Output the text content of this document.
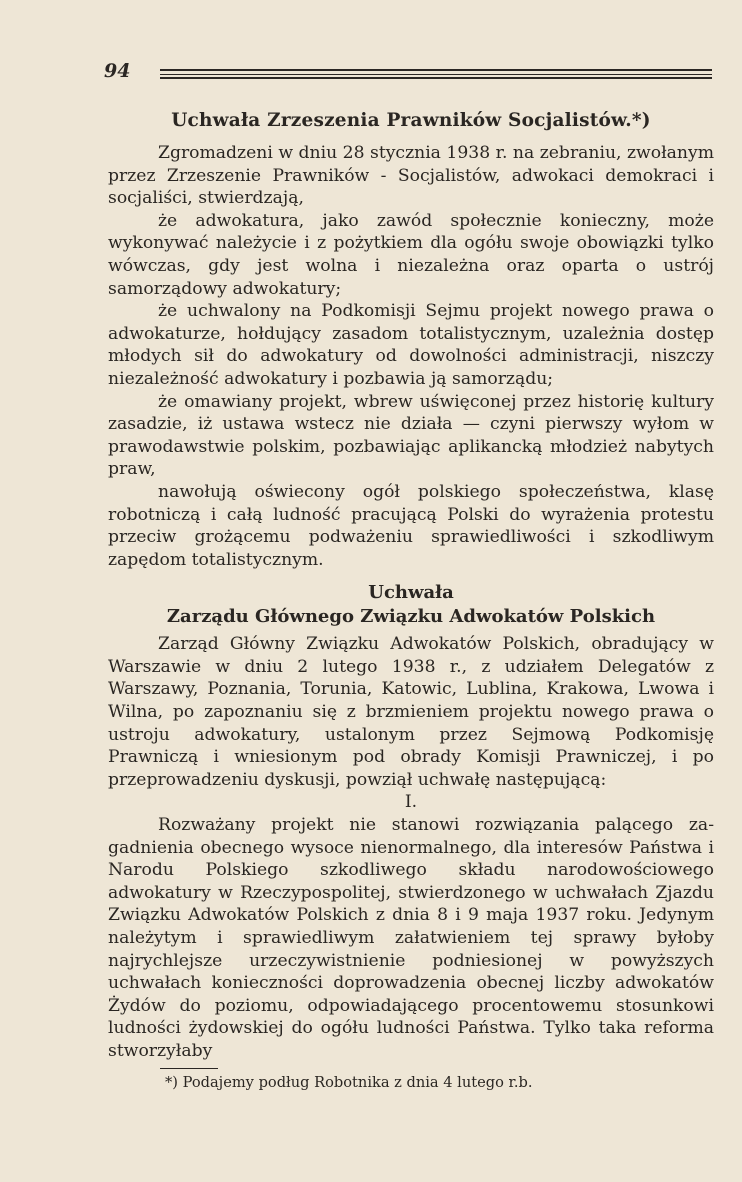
94
Uchwała Zrzeszenia Prawników Socjalistów.*)

Zgromadzeni w dniu 28 stycznia 1938 r. na zebraniu, zwołanym przez Zrzeszenie Prawników - Socjalistów, adwokaci demokraci i socjaliści, stwierdzają,

że adwokatura, jako zawód społecznie konieczny, może wykonywać należycie i z pożytkiem dla ogółu swoje obowiązki tylko wówczas, gdy jest wolna i niezależna oraz oparta o ustrój samorządowy adwokatury;

że uchwalony na Podkomisji Sejmu projekt nowego prawa o adwokaturze, hołdujący zasadom totalistycznym, uzależnia dostęp młodych sił do adwokatury od dowolności administracji, niszczy niezależność adwokatury i pozbawia ją samorządu;

że omawiany projekt, wbrew uświęconej przez historię kultury zasadzie, iż ustawa wstecz nie działa — czyni pierwszy wyłom w prawodawstwie polskim, pozbawiając aplikancką młodzież nabytych praw,

nawołują oświecony ogół polskiego społeczeństwa, klasę robotniczą i całą ludność pracującą Polski do wyrażenia protestu przeciw grożącemu podważeniu sprawiedliwości i szkodliwym zapędom totalistycznym.

Uchwała
Zarządu Głównego Związku Adwokatów Polskich

Zarząd Główny Związku Adwokatów Polskich, obradujący w Warszawie w dniu 2 lutego 1938 r., z udziałem Delegatów z Warszawy, Poznania, Torunia, Katowic, Lublina, Krakowa, Lwowa i Wilna, po zapoznaniu się z brzmieniem projektu nowego prawa o ustroju adwokatury, ustalonym przez Sejmową Podkomisję Prawniczą i wniesionym pod obrady Komisji Prawniczej, i po przeprowadzeniu dyskusji, powziął uchwałę następującą:

I.

Rozważany projekt nie stanowi rozwiązania palącego zagadnienia obecnego wysoce nienormalnego, dla interesów Państwa i Narodu Polskiego szkodliwego składu narodowościowego adwokatury w Rzeczypospolitej, stwierdzonego w uchwałach Zjazdu Związku Adwokatów Polskich z dnia 8 i 9 maja 1937 roku. Jedynym należytym i sprawiedliwym załatwieniem tej sprawy byłoby najrychlejsze urzeczywistnienie podniesionej w powyższych uchwałach konieczności doprowadzenia obecnej liczby adwokatów Żydów do poziomu, odpowiadającego procentowemu stosunkowi ludności żydowskiej do ogółu ludności Państwa. Tylko taka reforma stworzyłaby

*) Podajemy podług Robotnika z dnia 4 lutego r.b.
